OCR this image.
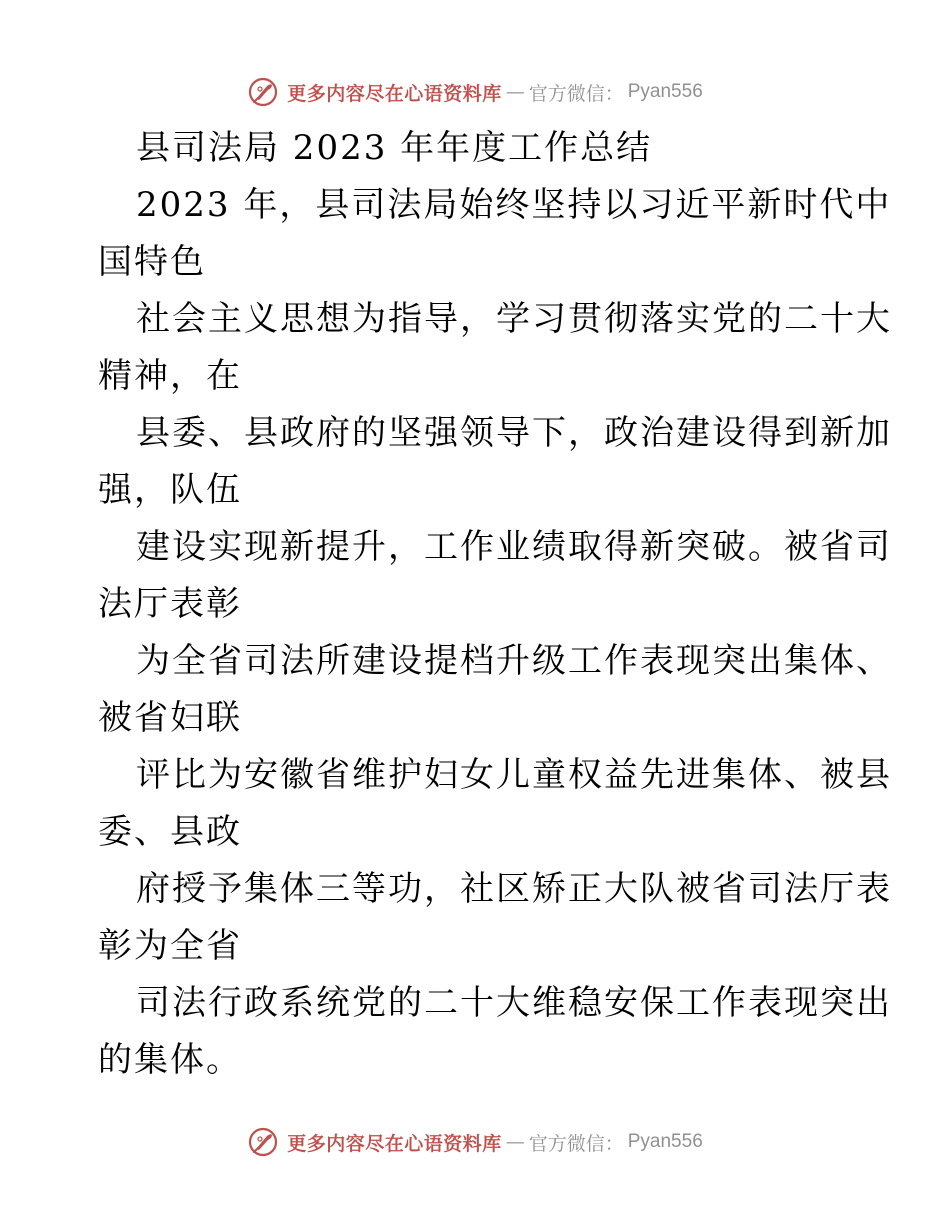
更多内容尽在心语资料库 — 官方微信： Pyan556
县司法局 2023 年年度工作总结
2023 年，县司法局始终坚持以习近平新时代中
国特色
社会主义思想为指导，学习贯彻落实党的二十大
精神，在
县委、县政府的坚强领导下，政治建设得到新加
强，队伍
建设实现新提升，工作业绩取得新突破。被省司
法厅表彰
为全省司法所建设提档升级工作表现突出集体、
被省妇联
评比为安徽省维护妇女儿童权益先进集体、被县
委、县政
府授予集体三等功，社区矫正大队被省司法厅表
彰为全省
司法行政系统党的二十大维稳安保工作表现突出
的集体。
更多内容尽在心语资料库 — 官方微信： Pyan556
